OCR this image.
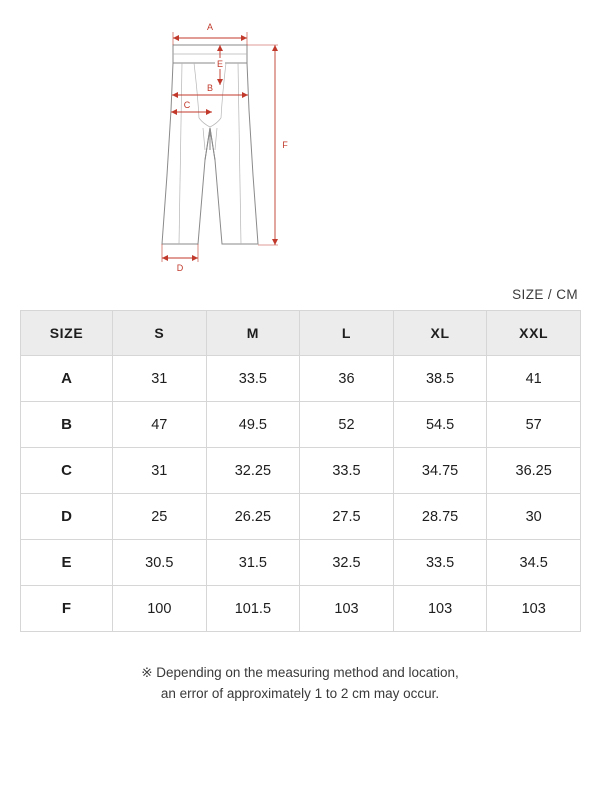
A
E
B
C
D
F
SIZE / CM
SIZE	S	M	L	XL	XXL
A	31	33.5	36	38.5	41
B	47	49.5	52	54.5	57
C	31	32.25	33.5	34.75	36.25
D	25	26.25	27.5	28.75	30
E	30.5	31.5	32.5	33.5	34.5
F	100	101.5	103	103	103
※ Depending on the measuring method and location,
an error of approximately 1 to 2 cm may occur.
